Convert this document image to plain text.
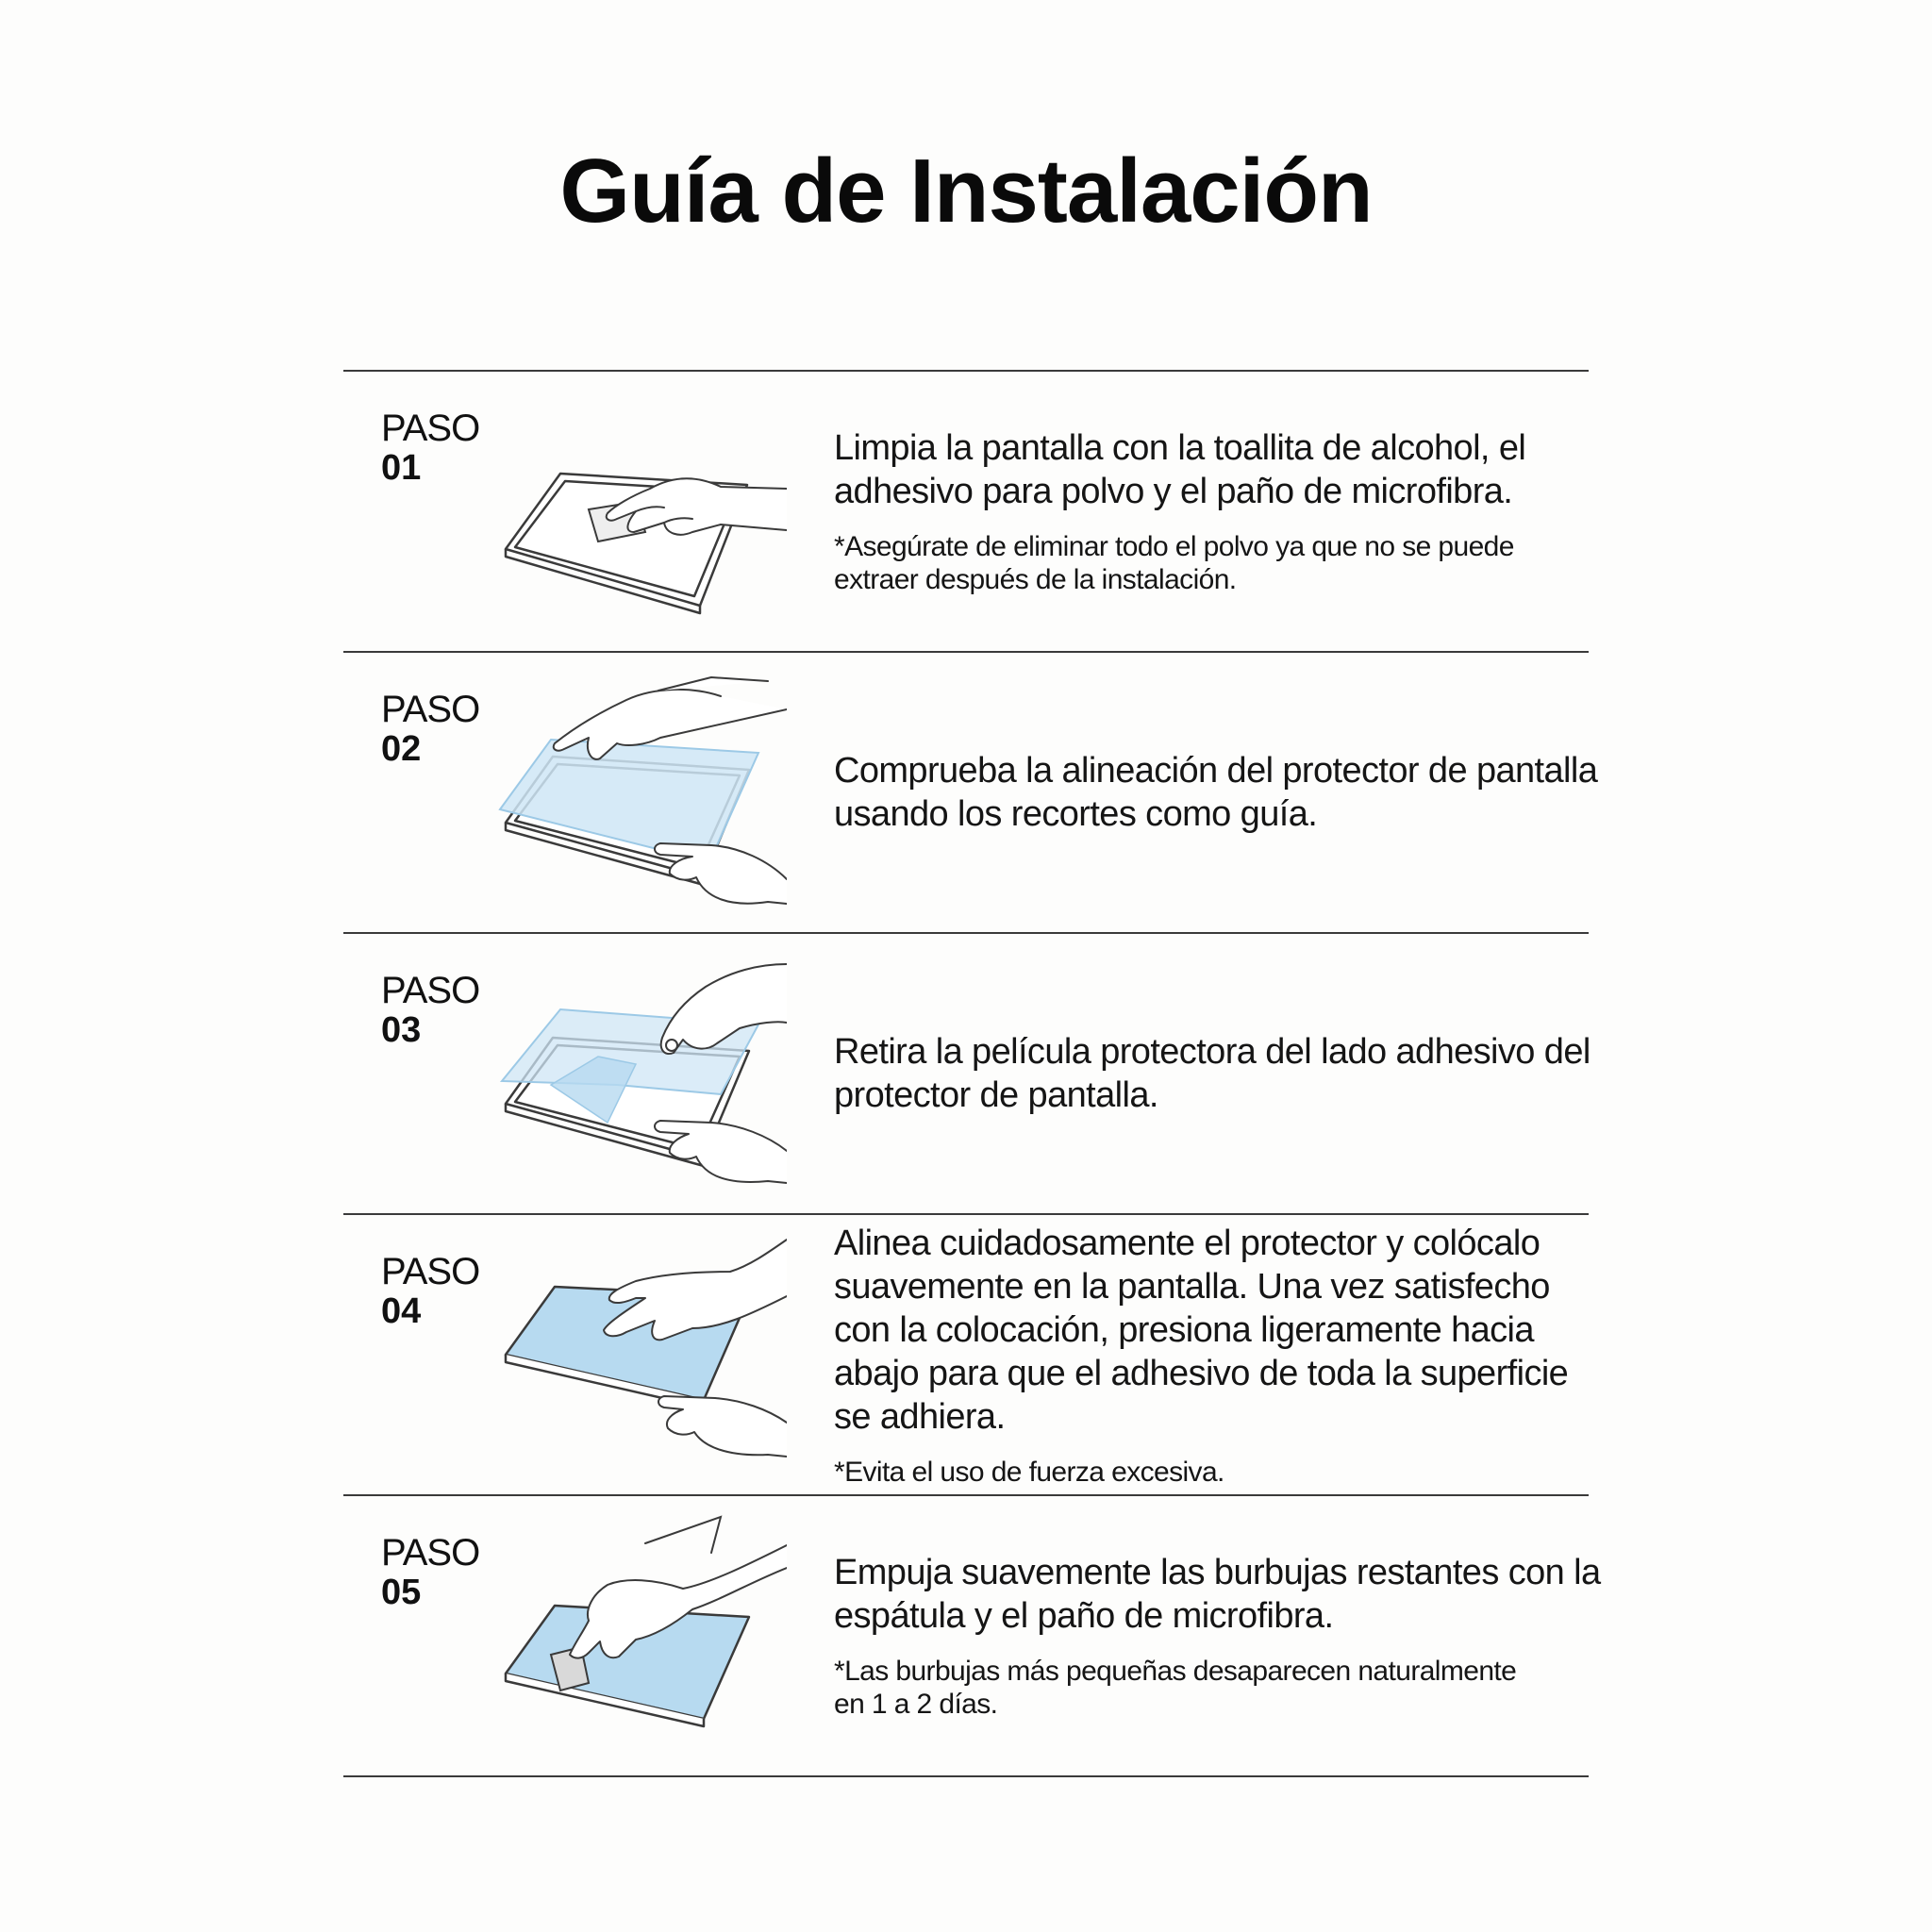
Guía de Instalación
PASO
01	Limpia la pantalla con la toallita de alcohol, el adhesivo para polvo y el paño de microfibra.

*Asegúrate de eliminar todo el polvo ya que no se puede
extraer después de la instalación.

PASO
02

Comprueba la alineación del protector de pantalla usando los recortes como guía.

PASO
03

Retira la película protectora del lado adhesivo del protector de pantalla.

PASO
04

Alinea cuidadosamente el protector y colócalo suavemente en la pantalla. Una vez satisfecho con la colocación, presiona ligeramente hacia abajo para que el adhesivo de toda la superficie se adhiera.

*Evita el uso de fuerza excesiva.

PASO
05	Empuja suavemente las burbujas restantes con la espátula y el paño de microfibra.

*Las burbujas más pequeñas desaparecen naturalmente
en 1 a 2 días.
